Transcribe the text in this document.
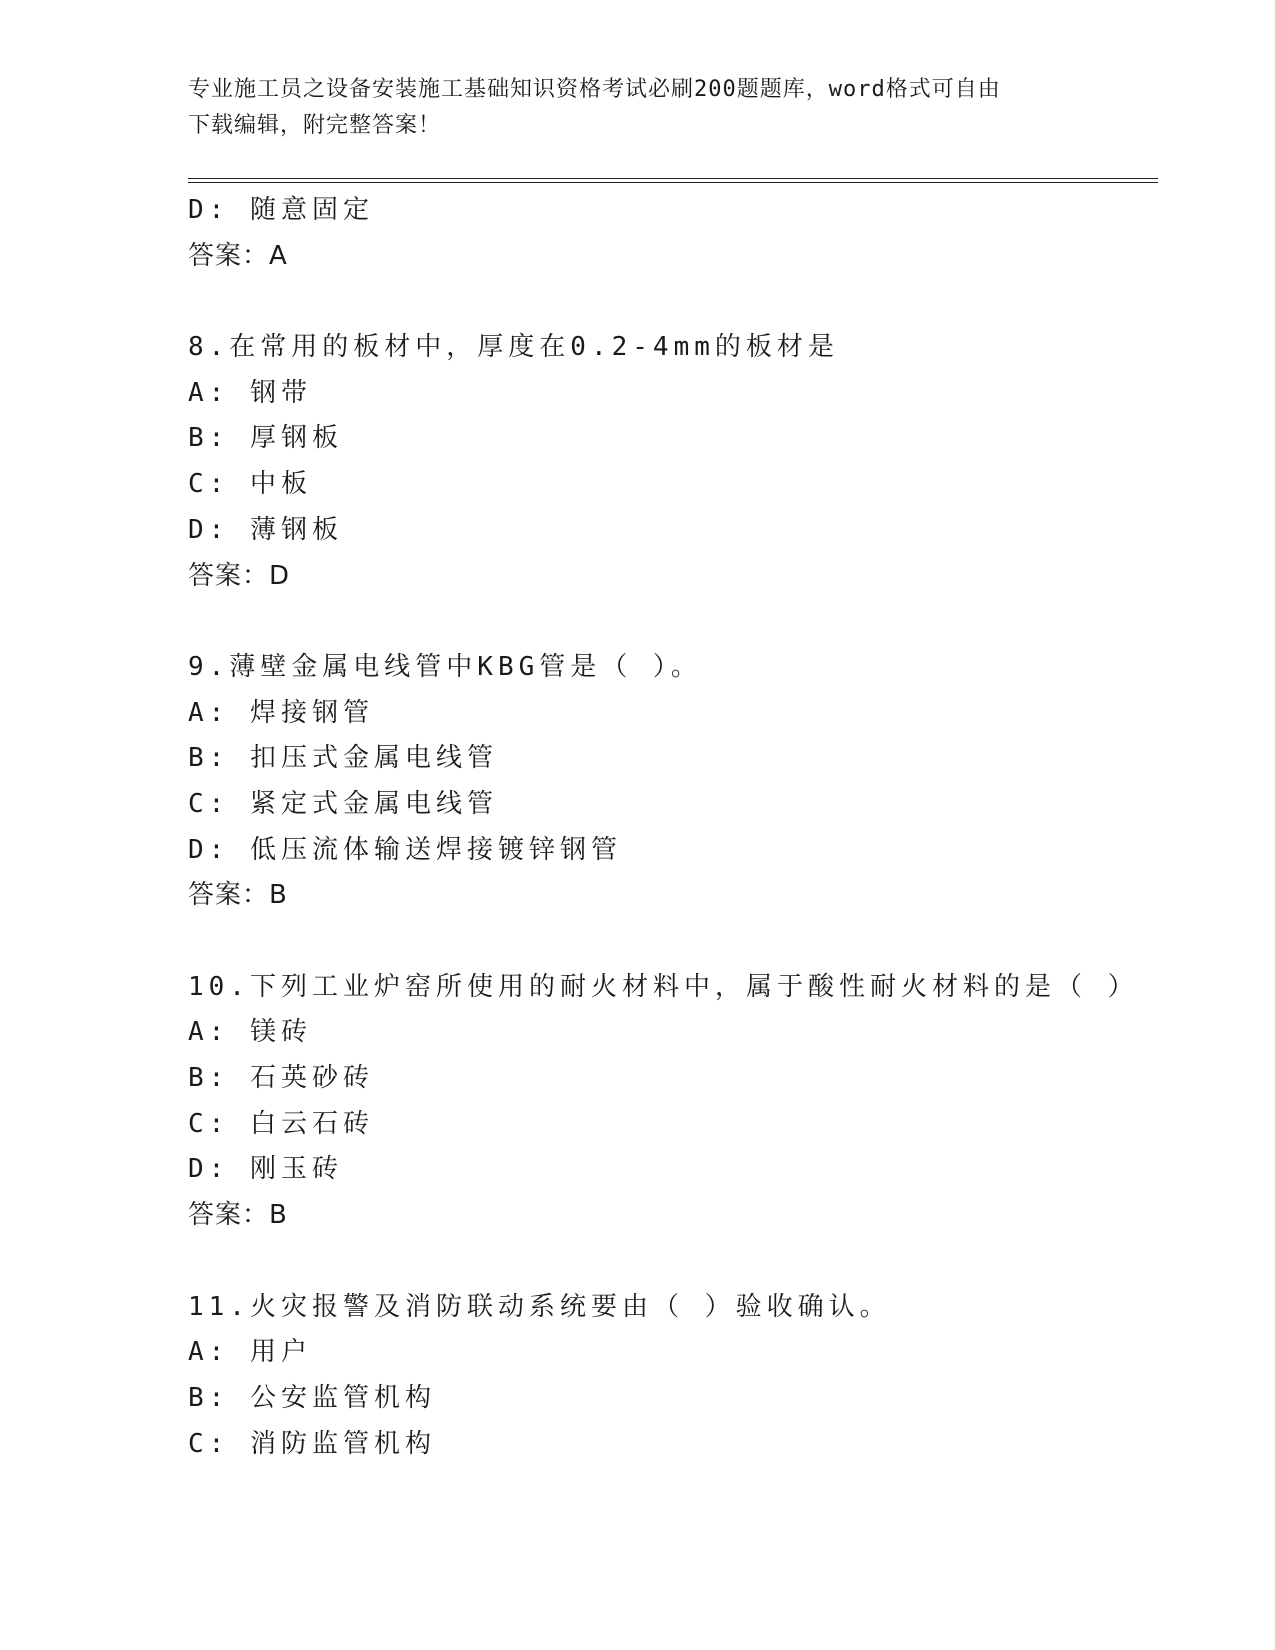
专业施工员之设备安装施工基础知识资格考试必刷200题题库，word格式可自由
下载编辑，附完整答案！
D: 随意固定
答案：A
8.在常用的板材中，厚度在0.2-4mm的板材是
A: 钢带
B: 厚钢板
C: 中板
D: 薄钢板
答案：D
9.薄壁金属电线管中KBG管是（ ）。
A: 焊接钢管
B: 扣压式金属电线管
C: 紧定式金属电线管
D: 低压流体输送焊接镀锌钢管
答案：B
10.下列工业炉窑所使用的耐火材料中，属于酸性耐火材料的是（ ）
A: 镁砖
B: 石英砂砖
C: 白云石砖
D: 刚玉砖
答案：B
11.火灾报警及消防联动系统要由（ ）验收确认。
A: 用户
B: 公安监管机构
C: 消防监管机构
